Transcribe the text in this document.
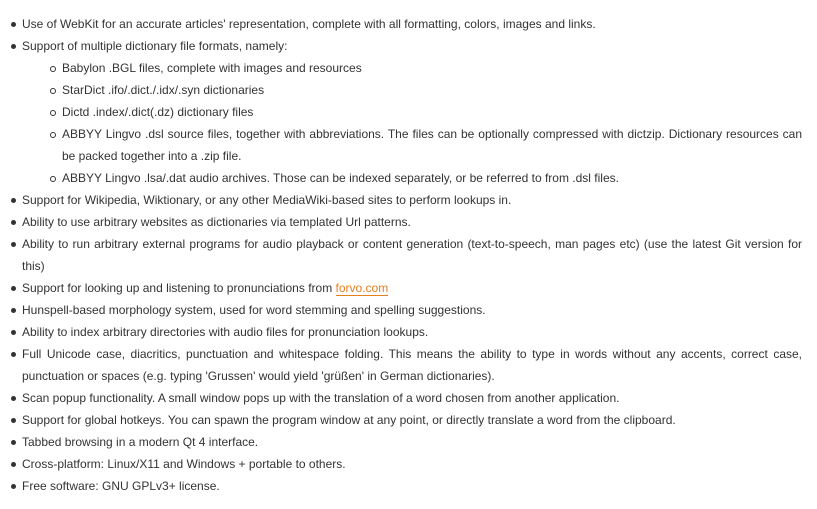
Use of WebKit for an accurate articles' representation, complete with all formatting, colors, images and links.
Support of multiple dictionary file formats, namely:
Babylon .BGL files, complete with images and resources
StarDict .ifo/.dict./.idx/.syn dictionaries
Dictd .index/.dict(.dz) dictionary files
ABBYY Lingvo .dsl source files, together with abbreviations. The files can be optionally compressed with dictzip. Dictionary resources can be packed together into a .zip file.
ABBYY Lingvo .lsa/.dat audio archives. Those can be indexed separately, or be referred to from .dsl files.
Support for Wikipedia, Wiktionary, or any other MediaWiki-based sites to perform lookups in.
Ability to use arbitrary websites as dictionaries via templated Url patterns.
Ability to run arbitrary external programs for audio playback or content generation (text-to-speech, man pages etc) (use the latest Git version for this)
Support for looking up and listening to pronunciations from forvo.com
Hunspell-based morphology system, used for word stemming and spelling suggestions.
Ability to index arbitrary directories with audio files for pronunciation lookups.
Full Unicode case, diacritics, punctuation and whitespace folding. This means the ability to type in words without any accents, correct case, punctuation or spaces (e.g. typing 'Grussen' would yield 'grüßen' in German dictionaries).
Scan popup functionality. A small window pops up with the translation of a word chosen from another application.
Support for global hotkeys. You can spawn the program window at any point, or directly translate a word from the clipboard.
Tabbed browsing in a modern Qt 4 interface.
Cross-platform: Linux/X11 and Windows + portable to others.
Free software: GNU GPLv3+ license.
